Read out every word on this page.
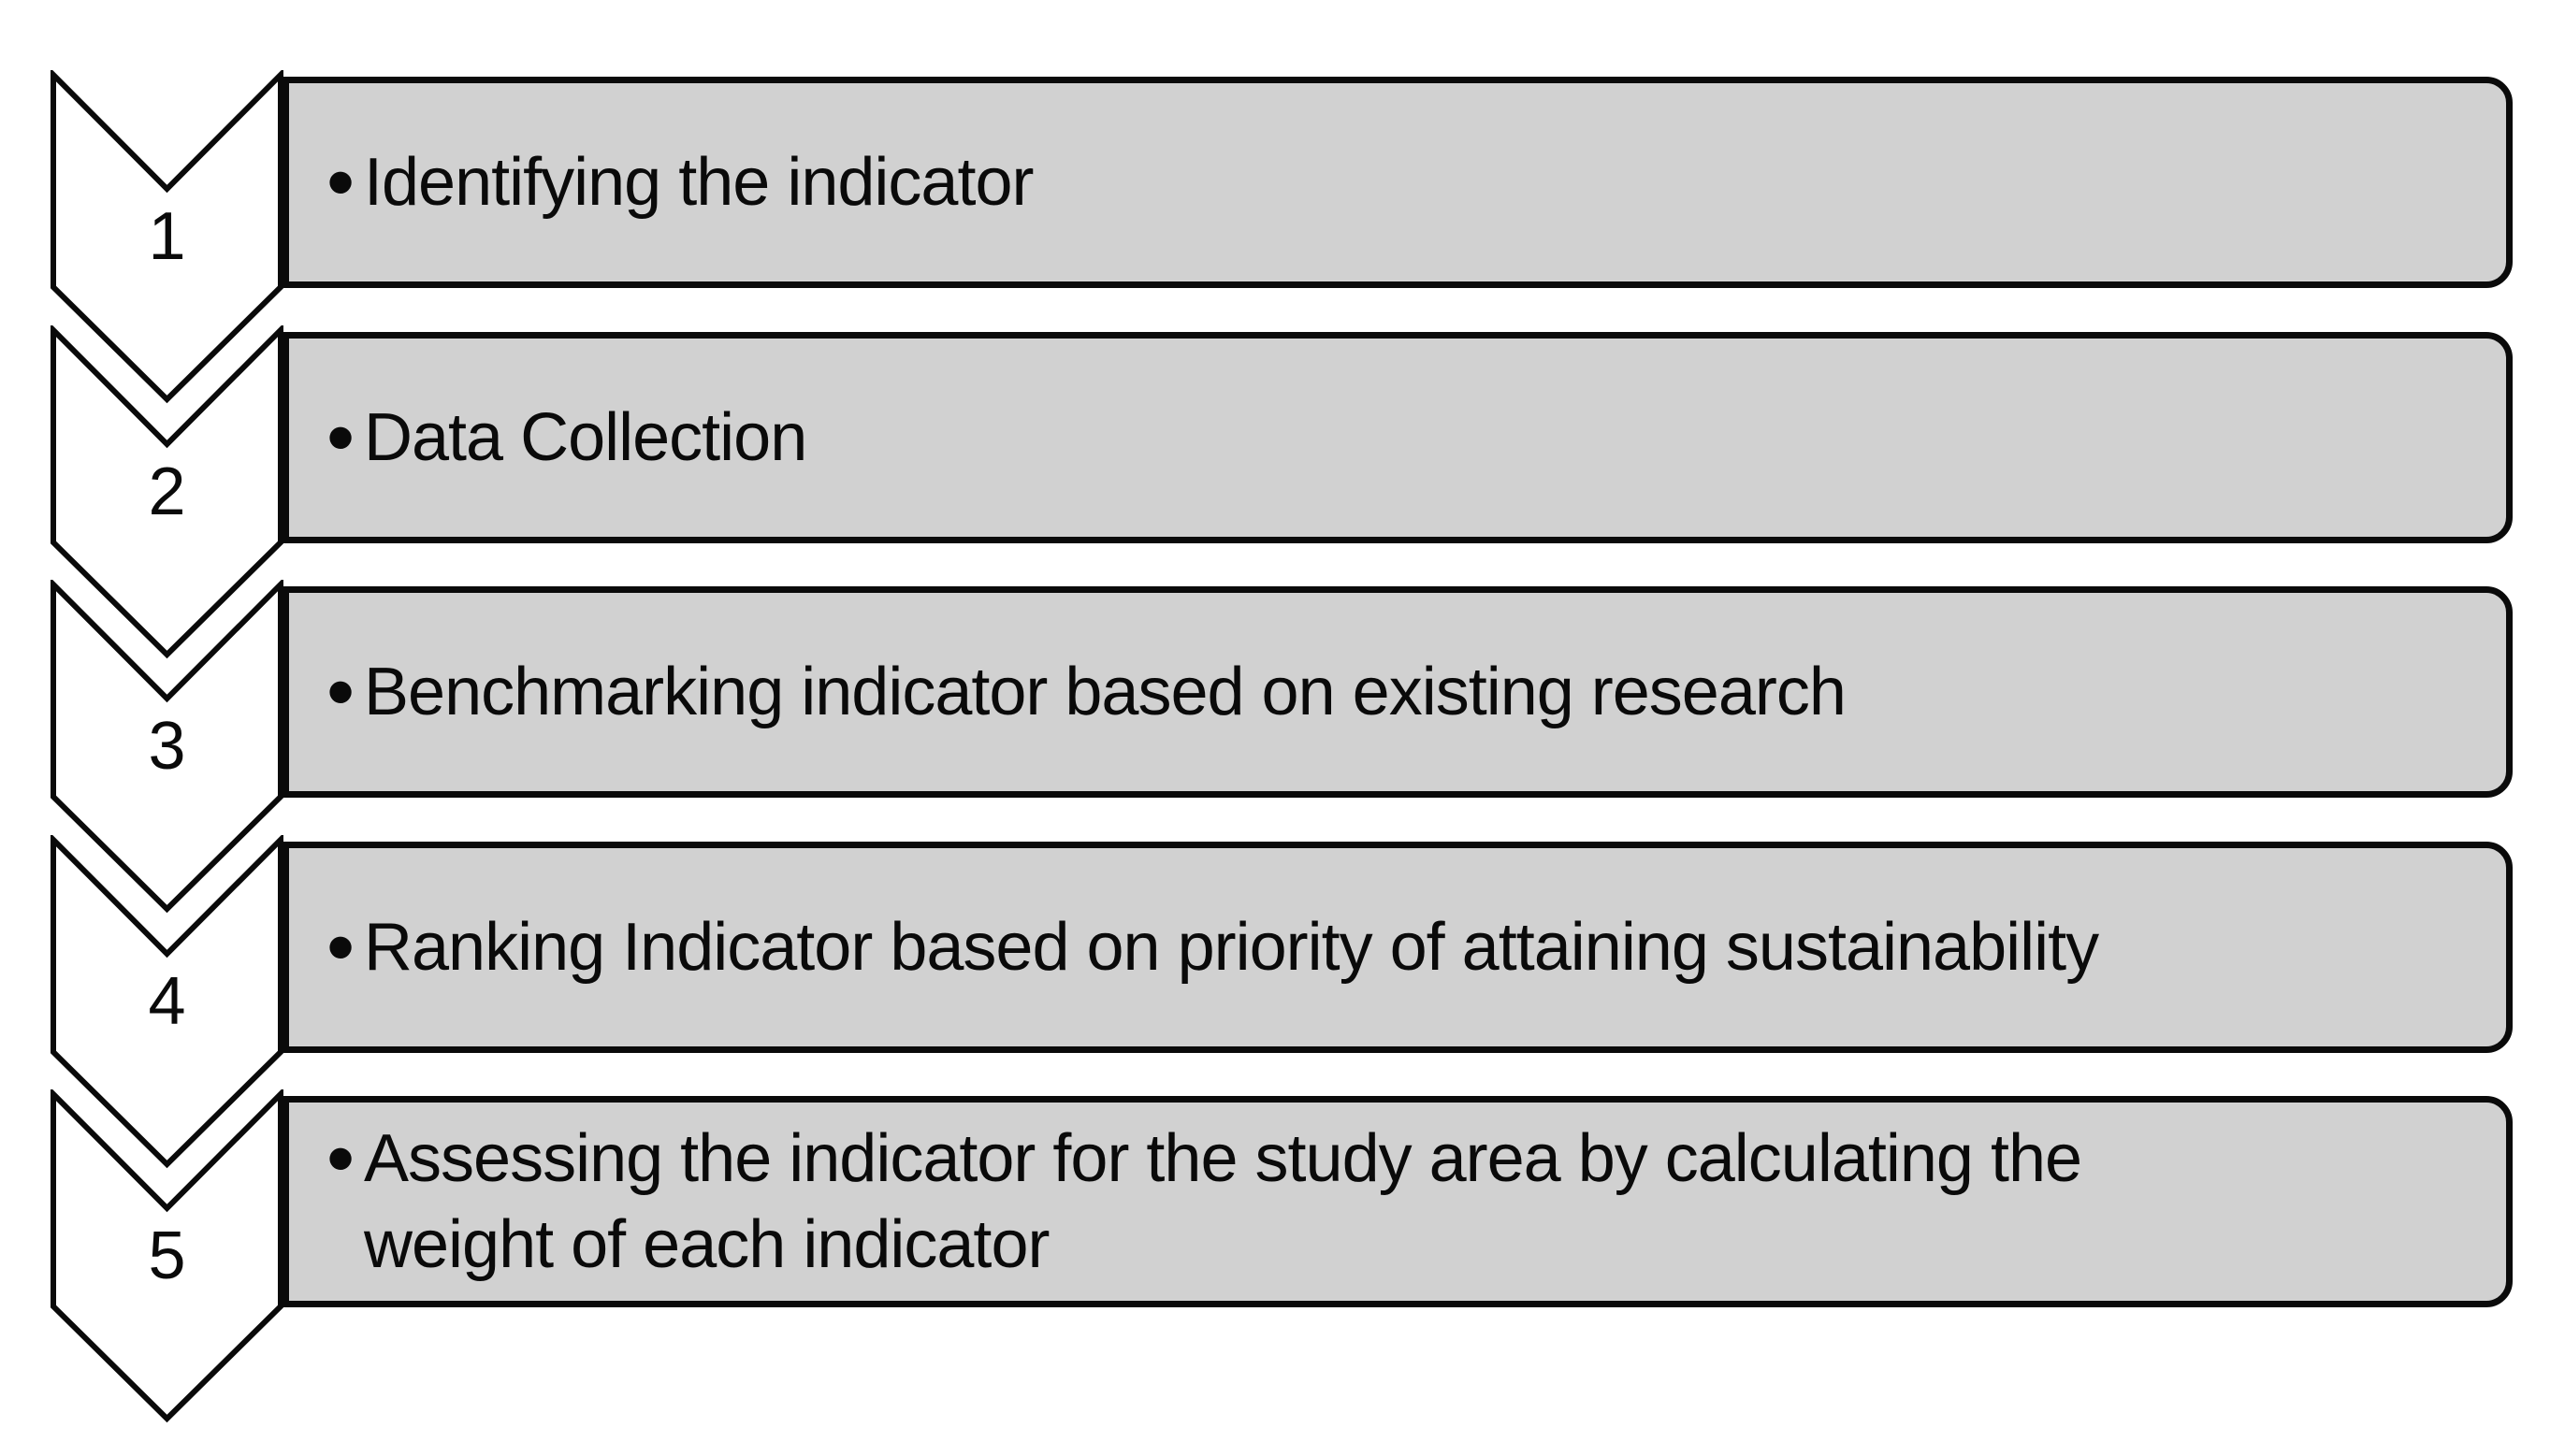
1
• Identifying the indicator
2
• Data Collection
3
• Benchmarking indicator based on existing research
4
• Ranking Indicator based on priority of attaining sustainability
5
• Assessing the indicator for the study area by calculating the
weight of each indicator
